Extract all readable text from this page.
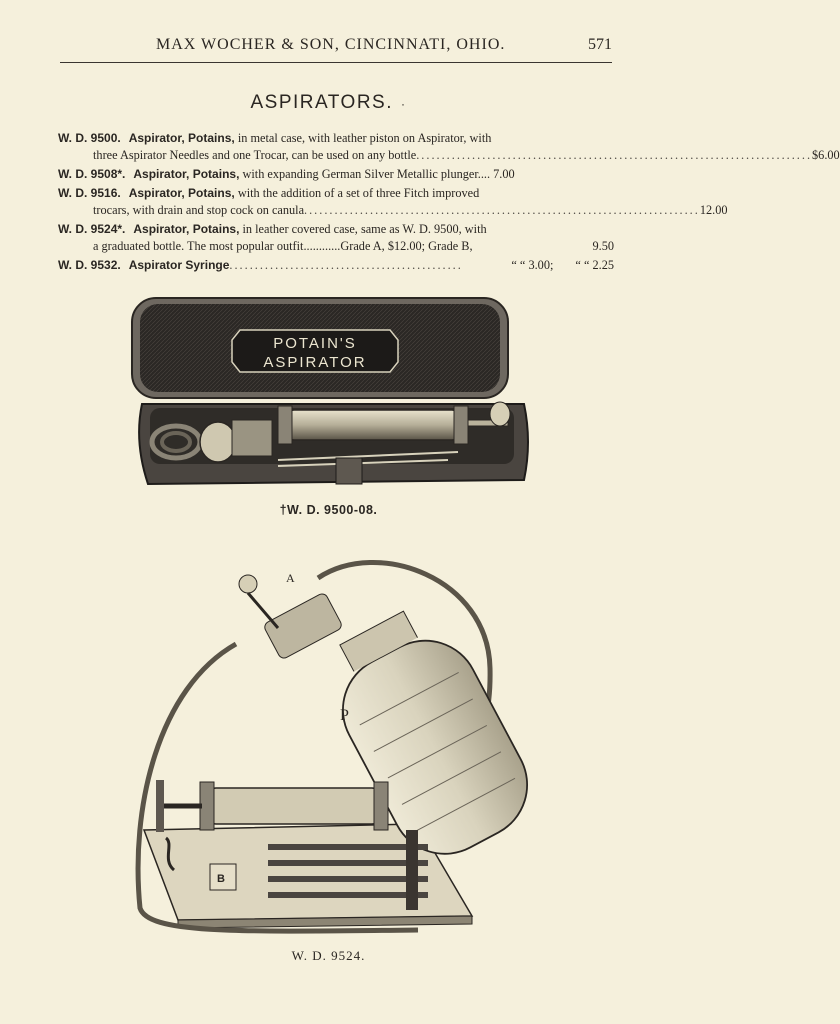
MAX WOCHER & SON, CINCINNATI, OHIO.	571
ASPIRATORS. ·
W. D. 9500. Aspirator, Potains, in metal case, with leather piston on Aspirator, with
three Aspirator Needles and one Trocar, can be used on any bottle .............................................................................. $6.00
W. D. 9508*. Aspirator, Potains, with expanding German Silver Metallic plunger.... 7.00
W. D. 9516. Aspirator, Potains, with the addition of a set of three Fitch improved
trocars, with drain and stop cock on canula .............................................................................. 12.00
W. D. 9524*. Aspirator, Potains, in leather covered case, same as W. D. 9500, with
a graduated bottle. The most popular outfit............Grade A, $12.00; Grade B,	9.50
W. D. 9532. Aspirator Syringe ..............................................	“ “ 3.00; “ “ 2.25
POTAIN'S
ASPIRATOR
†W. D. 9500-08.
P
A
B
W. D. 9524.
